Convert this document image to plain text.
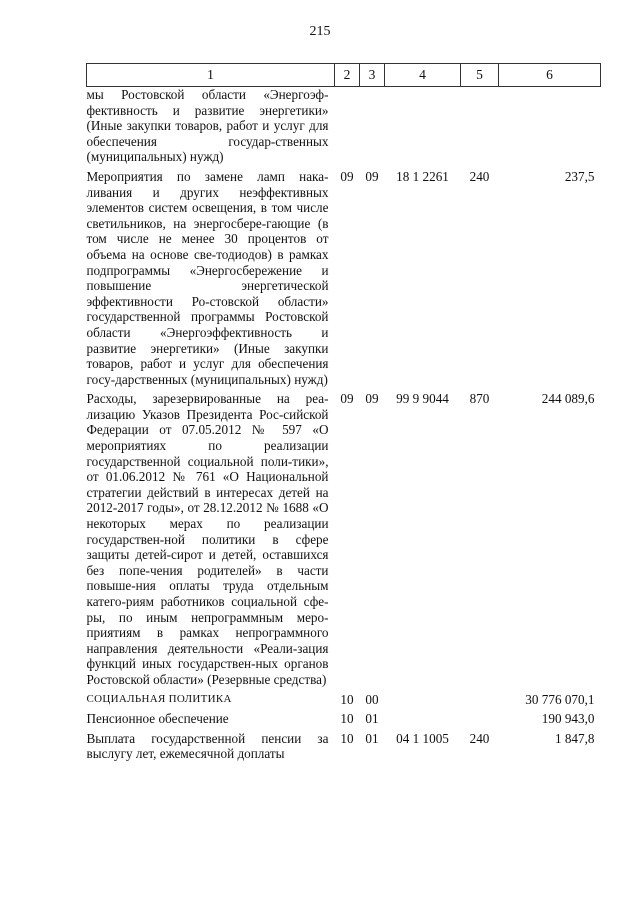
215
1	2	3	4	5	6
мы Ростовской области «Энергоэф-фективность и развитие энергетики» (Иные закупки товаров, работ и услуг для обеспечения государ-ственных (муниципальных) нужд)					
Мероприятия по замене ламп нака-ливания и других неэффективных элементов систем освещения, в том числе светильников, на энергосбере-гающие (в том числе не менее 30 процентов от объема на основе све-тодиодов) в рамках подпрограммы «Энергосбережение и повышение энергетической эффективности Ро-стовской области» государственной программы Ростовской области «Энергоэффективность и развитие энергетики» (Иные закупки товаров, работ и услуг для обеспечения госу-дарственных (муниципальных) нужд)	09	09	18 1 2261	240	237,5
Расходы, зарезервированные на реа-лизацию Указов Президента Рос-сийской Федерации от 07.05.2012 № 597 «О мероприятиях по реализации государственной социальной поли-тики», от 01.06.2012 № 761 «О Национальной стратегии действий в интересах детей на 2012-2017 годы», от 28.12.2012 № 1688 «О некоторых мерах по реализации государствен-ной политики в сфере защиты детей-сирот и детей, оставшихся без попе-чения родителей» в части повыше-ния оплаты труда отдельным катего-риям работников социальной сфе-ры, по иным непрограммным меро-приятиям в рамках непрограммного направления деятельности «Реали-зация функций иных государствен-ных органов Ростовской области» (Резервные средства)	09	09	99 9 9044	870	244 089,6
СОЦИАЛЬНАЯ ПОЛИТИКА	10	00			30 776 070,1
Пенсионное обеспечение	10	01			190 943,0
Выплата государственной пенсии за выслугу лет, ежемесячной доплаты	10	01	04 1 1005	240	1 847,8
